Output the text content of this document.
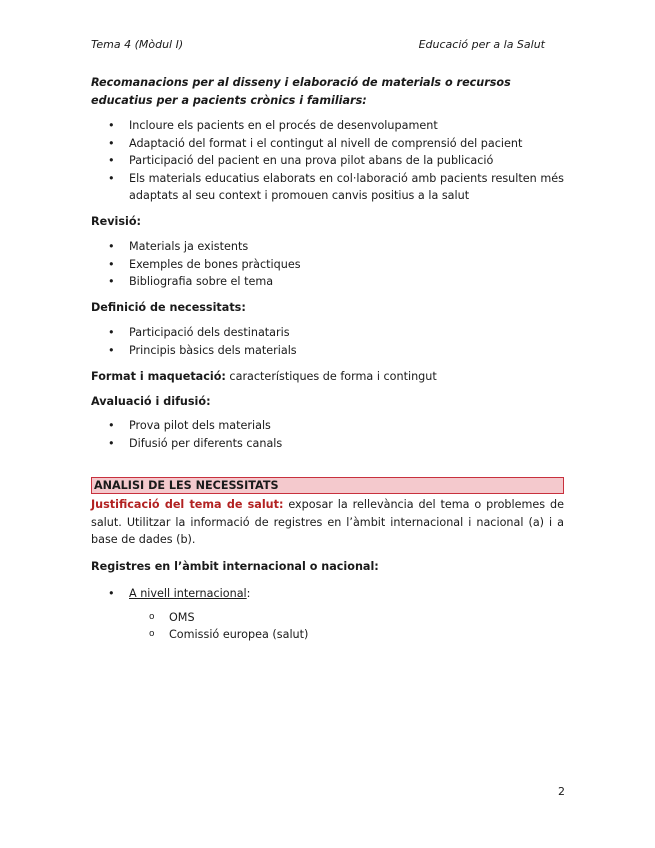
Tema 4 (Mòdul I)	Educació per a la Salut
Recomanacions per al disseny i elaboració de materials o recursos educatius per a pacients crònics i familiars:
• Incloure els pacients en el procés de desenvolupament
• Adaptació del format i el contingut al nivell de comprensió del pacient
• Participació del pacient en una prova pilot abans de la publicació
• Els materials educatius elaborats en col·laboració amb pacients resulten més adaptats al seu context i promouen canvis positius a la salut
Revisió:
• Materials ja existents
• Exemples de bones pràctiques
• Bibliografia sobre el tema
Definició de necessitats:
• Participació dels destinataris
• Principis bàsics dels materials
Format i maquetació: característiques de forma i contingut
Avaluació i difusió:
• Prova pilot dels materials
• Difusió per diferents canals
ANALISI DE LES NECESSITATS
Justificació del tema de salut: exposar la rellevància del tema o problemes de salut. Utilitzar la informació de registres en l’àmbit internacional i nacional (a) i a base de dades (b).
Registres en l’àmbit internacional o nacional:
• A nivell internacional:
o OMS
o Comissió europea (salut)
2
